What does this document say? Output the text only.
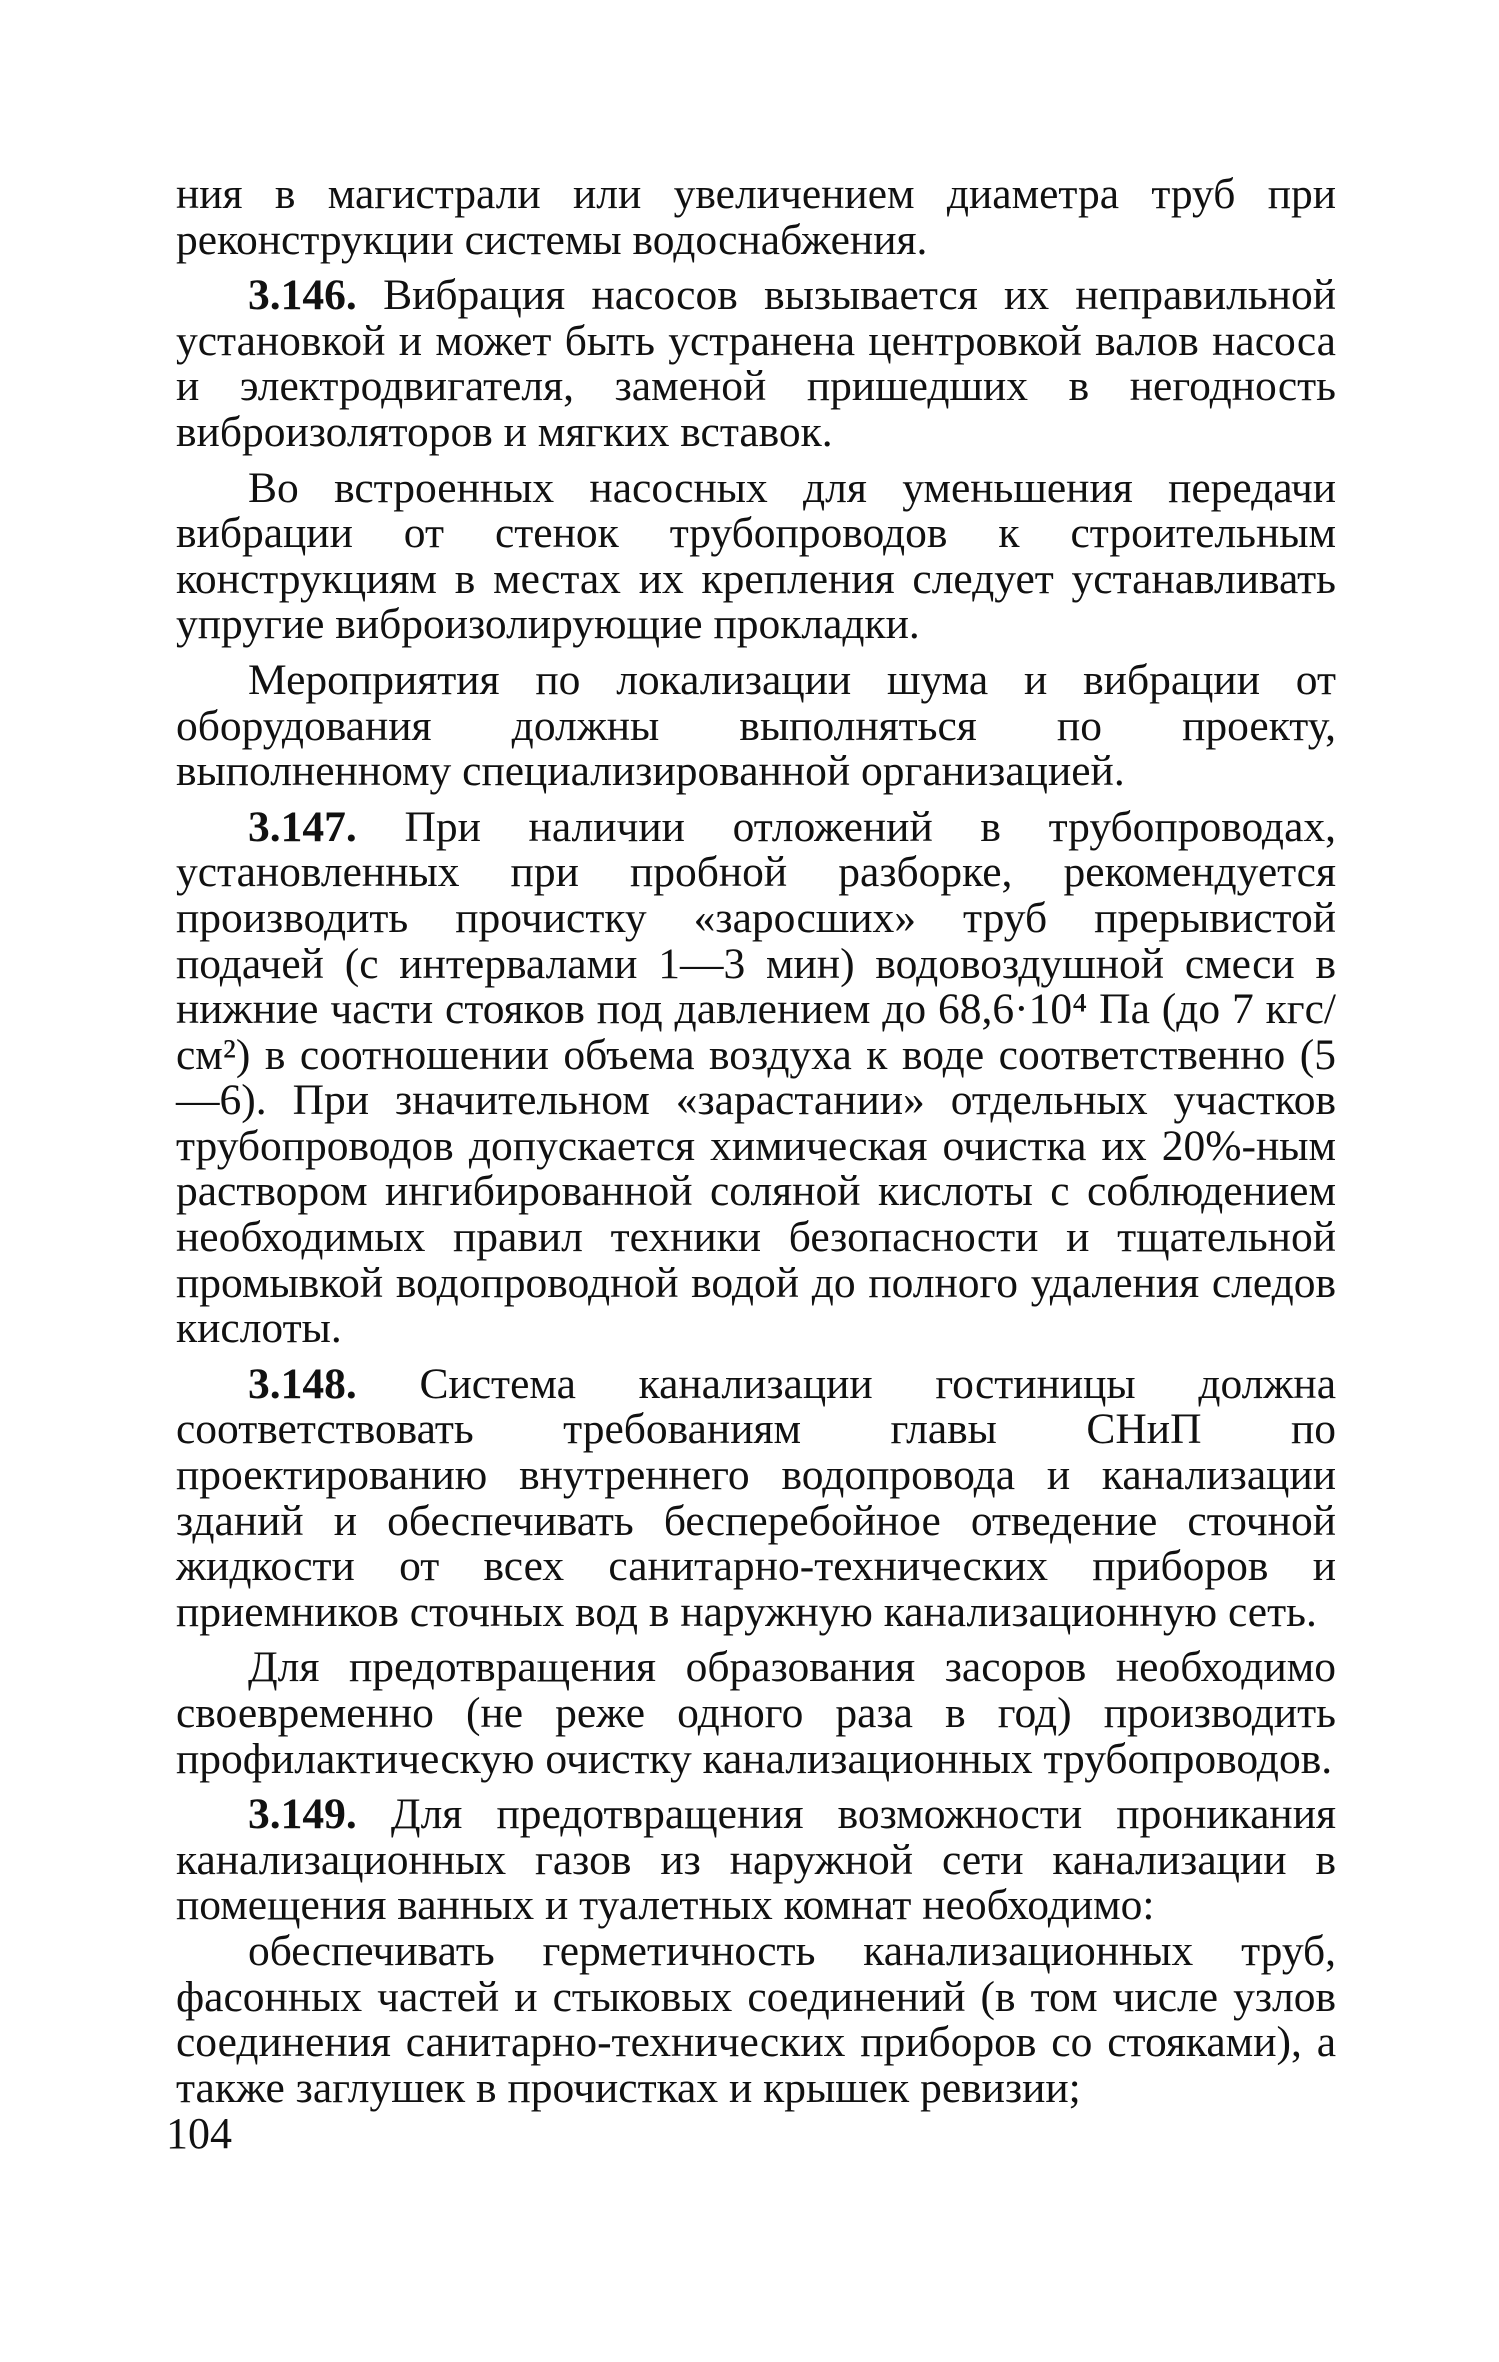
ния в магистрали или увеличением диаметра труб при реконструкции системы водоснабжения.

3.146. Вибрация насосов вызывается их неправильной установкой и может быть устранена центровкой валов насоса и электродвигателя, заменой пришедших в негодность виброизоляторов и мягких вставок.

Во встроенных насосных для уменьшения передачи вибрации от стенок трубопроводов к строительным конструкциям в местах их крепления следует устанавливать упругие виброизолирующие прокладки.

Мероприятия по локализации шума и вибрации от оборудования должны выполняться по проекту, выполненному специализированной организацией.

3.147. При наличии отложений в трубопроводах, установленных при пробной разборке, рекомендуется производить прочистку «заросших» труб прерывистой подачей (с интервалами 1—3 мин) водовоздушной смеси в нижние части стояков под давлением до 68,6·10⁴ Па (до 7 кгс/см²) в соотношении объема воздуха к воде соответственно (5—6). При значительном «зарастании» отдельных участков трубопроводов допускается химическая очистка их 20%-ным раствором ингибированной соляной кислоты с соблюдением необходимых правил техники безопасности и тщательной промывкой водопроводной водой до полного удаления следов кислоты.

3.148. Система канализации гостиницы должна соответствовать требованиям главы СНиП по проектированию внутреннего водопровода и канализации зданий и обеспечивать бесперебойное отведение сточной жидкости от всех санитарно-технических приборов и приемников сточных вод в наружную канализационную сеть.

Для предотвращения образования засоров необходимо своевременно (не реже одного раза в год) производить профилактическую очистку канализационных трубопроводов.

3.149. Для предотвращения возможности проникания канализационных газов из наружной сети канализации в помещения ванных и туалетных комнат необходимо:

обеспечивать герметичность канализационных труб, фасонных частей и стыковых соединений (в том числе узлов соединения санитарно-технических приборов со стояками), а также заглушек в прочистках и крышек ревизии;

104
